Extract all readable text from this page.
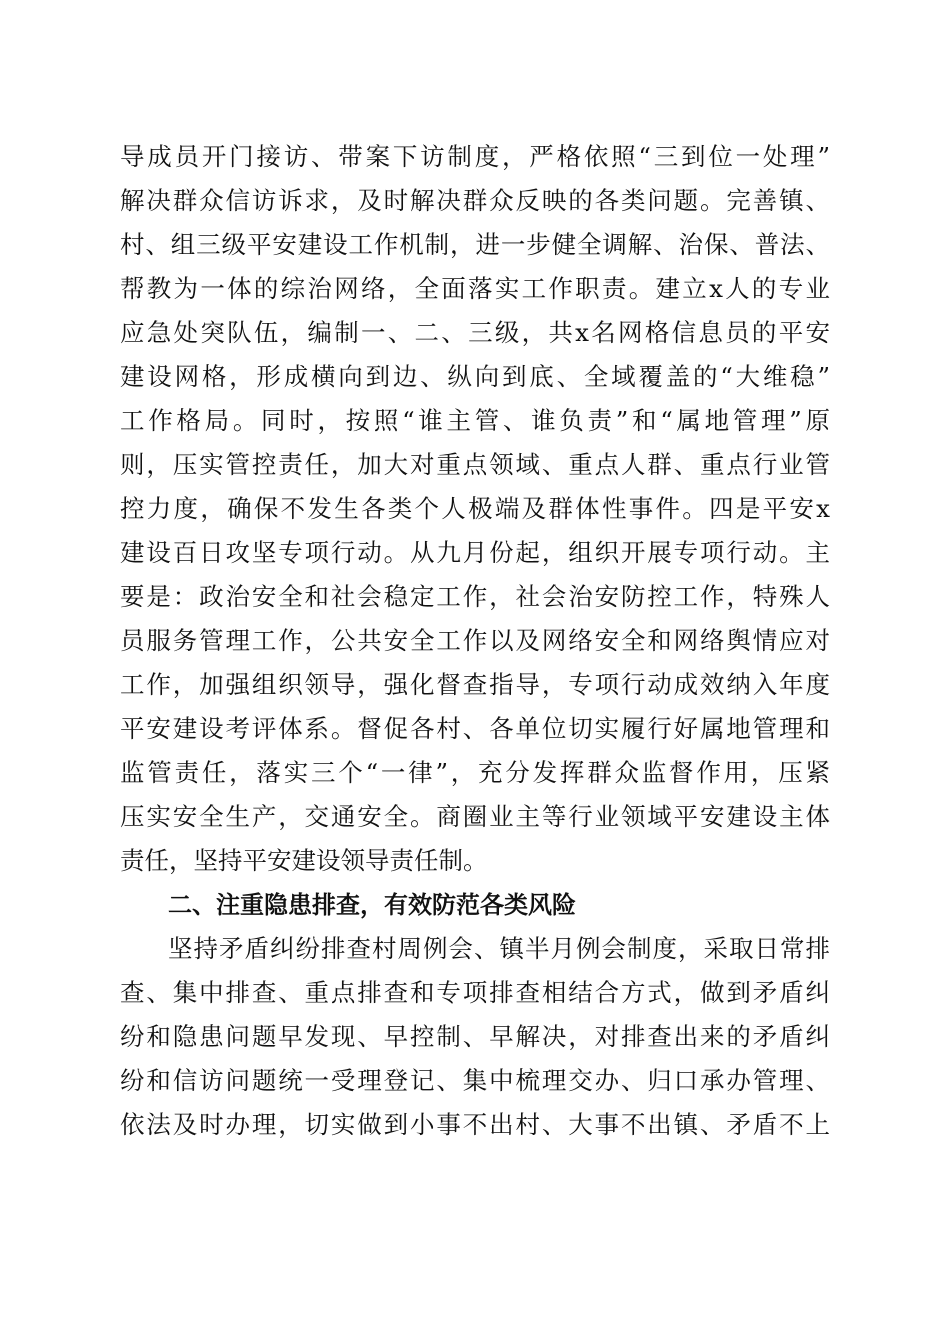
导成员开门接访、带案下访制度，严格依照“三到位一处理”
解决群众信访诉求，及时解决群众反映的各类问题。完善镇、
村、组三级平安建设工作机制，进一步健全调解、治保、普法、
帮教为一体的综治网络，全面落实工作职责。建立x人的专业
应急处突队伍，编制一、二、三级，共x名网格信息员的平安
建设网格，形成横向到边、纵向到底、全域覆盖的“大维稳”
工作格局。同时，按照“谁主管、谁负责”和“属地管理”原
则，压实管控责任，加大对重点领域、重点人群、重点行业管
控力度，确保不发生各类个人极端及群体性事件。四是平安x
建设百日攻坚专项行动。从九月份起，组织开展专项行动。主
要是：政治安全和社会稳定工作，社会治安防控工作，特殊人
员服务管理工作，公共安全工作以及网络安全和网络舆情应对
工作，加强组织领导，强化督查指导，专项行动成效纳入年度
平安建设考评体系。督促各村、各单位切实履行好属地管理和
监管责任，落实三个“一律”，充分发挥群众监督作用，压紧
压实安全生产，交通安全。商圈业主等行业领域平安建设主体
责任，坚持平安建设领导责任制。
二、注重隐患排查，有效防范各类风险
坚持矛盾纠纷排查村周例会、镇半月例会制度，采取日常排
查、集中排查、重点排查和专项排查相结合方式，做到矛盾纠
纷和隐患问题早发现、早控制、早解决，对排查出来的矛盾纠
纷和信访问题统一受理登记、集中梳理交办、归口承办管理、
依法及时办理，切实做到小事不出村、大事不出镇、矛盾不上
